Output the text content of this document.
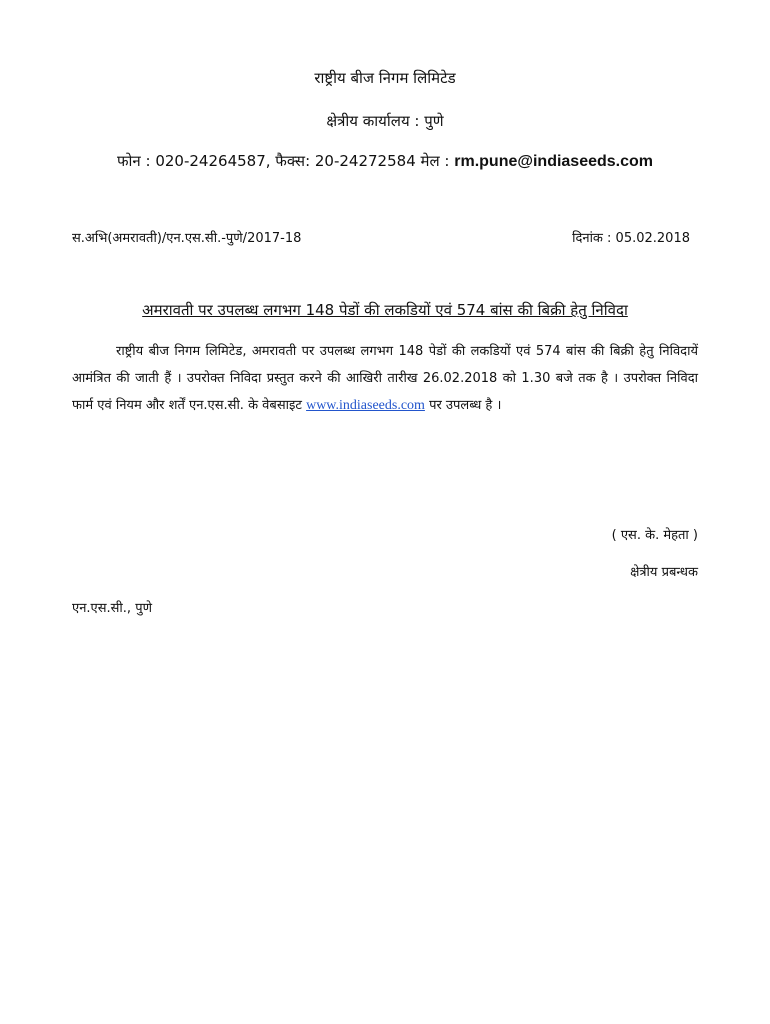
राष्ट्रीय बीज निगम लिमिटेड
क्षेत्रीय कार्यालय : पुणे
फोन : 020-24264587, फैक्स: 20-24272584 मेल : rm.pune@indiaseeds.com
स.अभि(अमरावती)/एन.एस.सी.-पुणे/2017-18	दिनांक : 05.02.2018
अमरावती पर उपलब्ध लगभग 148 पेडों की लकडियों एवं 574 बांस की बिक्री हेतु निविदा
राष्ट्रीय बीज निगम लिमिटेड, अमरावती पर उपलब्ध लगभग 148 पेडों की लकडियों एवं 574 बांस की बिक्री हेतु निविदायें आमंत्रित की जाती हैं । उपरोक्त निविदा प्रस्तुत करने की आखिरी तारीख 26.02.2018 को 1.30 बजे तक है । उपरोक्त निविदा फार्म एवं नियम और शर्तें एन.एस.सी. के वेबसाइट www.indiaseeds.com पर उपलब्ध है ।
( एस. के. मेहता )
क्षेत्रीय प्रबन्धक
एन.एस.सी., पुणे
